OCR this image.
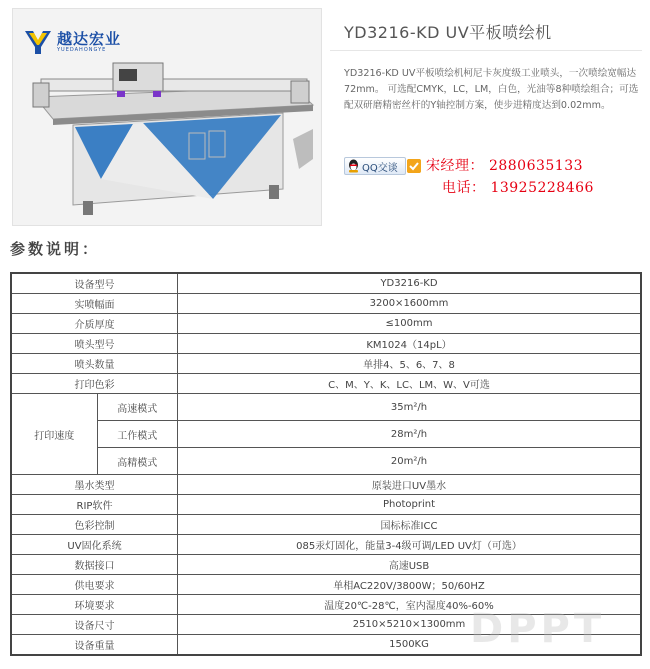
越达宏业
YUEDAHONGYE
YD3216-KD UV平板喷绘机
YD3216-KD UV平板喷绘机柯尼卡灰度级工业喷头，一次喷绘宽幅达72mm。 可选配CMYK，LC，LM，白色，光油等8种喷绘组合；可选配双研磨精密丝杆的Y轴控制方案，使步进精度达到0.02mm。
QQ交谈 宋经理： 2880635133
电话： 13925228466
参数说明：
设备型号		YD3216-KD
实喷幅面		3200×1600mm
介质厚度		≤100mm
喷头型号		KM1024（14pL）
喷头数量		单排4、5、6、7、8
打印色彩		C、M、Y、K、LC、LM、W、V可选
打印速度	高速模式	35m²/h
	工作模式	28m²/h
	高精模式	20m²/h
墨水类型		原装进口UV墨水
RIP软件		Photoprint
色彩控制		国标标准ICC
UV固化系统		085汞灯固化，能量3-4级可调/LED UV灯（可选）
数据接口		高速USB
供电要求		单相AC220V/3800W；50/60HZ
环境要求		温度20℃-28℃，室内湿度40%-60%
设备尺寸		2510×5210×1300mm
设备重量		1500KG DPPT
